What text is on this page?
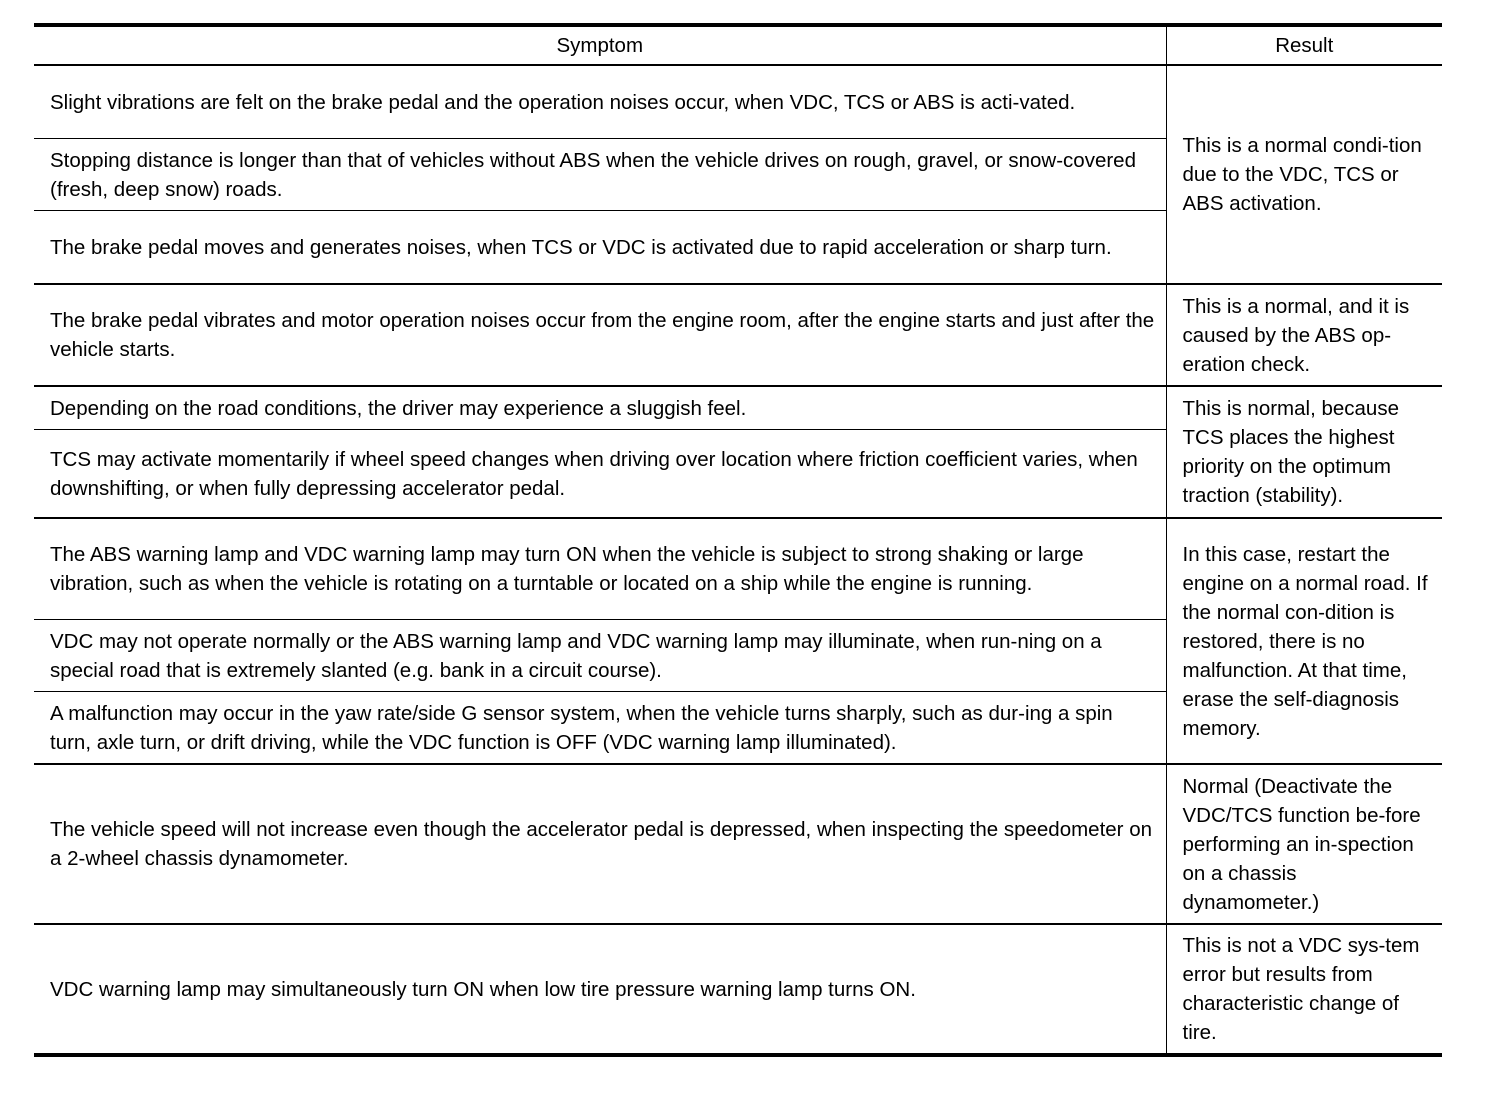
Symptom	Result
Slight vibrations are felt on the brake pedal and the operation noises occur, when VDC, TCS or ABS is acti-vated.	This is a normal condi-tion due to the VDC, TCS or ABS activation.
Stopping distance is longer than that of vehicles without ABS when the vehicle drives on rough, gravel, or snow-covered (fresh, deep snow) roads.	
The brake pedal moves and generates noises, when TCS or VDC is activated due to rapid acceleration or sharp turn.	
The brake pedal vibrates and motor operation noises occur from the engine room, after the engine starts and just after the vehicle starts.	This is a normal, and it is caused by the ABS op-eration check.
Depending on the road conditions, the driver may experience a sluggish feel.	This is normal, because TCS places the highest priority on the optimum traction (stability).
TCS may activate momentarily if wheel speed changes when driving over location where friction coefficient varies, when downshifting, or when fully depressing accelerator pedal.	
The ABS warning lamp and VDC warning lamp may turn ON when the vehicle is subject to strong shaking or large vibration, such as when the vehicle is rotating on a turntable or located on a ship while the engine is running.	In this case, restart the engine on a normal road. If the normal con-dition is restored, there is no malfunction. At that time, erase the self-diagnosis memory.
VDC may not operate normally or the ABS warning lamp and VDC warning lamp may illuminate, when run-ning on a special road that is extremely slanted (e.g. bank in a circuit course).	
A malfunction may occur in the yaw rate/side G sensor system, when the vehicle turns sharply, such as dur-ing a spin turn, axle turn, or drift driving, while the VDC function is OFF (VDC warning lamp illuminated).	
The vehicle speed will not increase even though the accelerator pedal is depressed, when inspecting the speedometer on a 2-wheel chassis dynamometer.	Normal (Deactivate the VDC/TCS function be-fore performing an in-spection on a chassis dynamometer.)
VDC warning lamp may simultaneously turn ON when low tire pressure warning lamp turns ON.	This is not a VDC sys-tem error but results from characteristic change of tire.
